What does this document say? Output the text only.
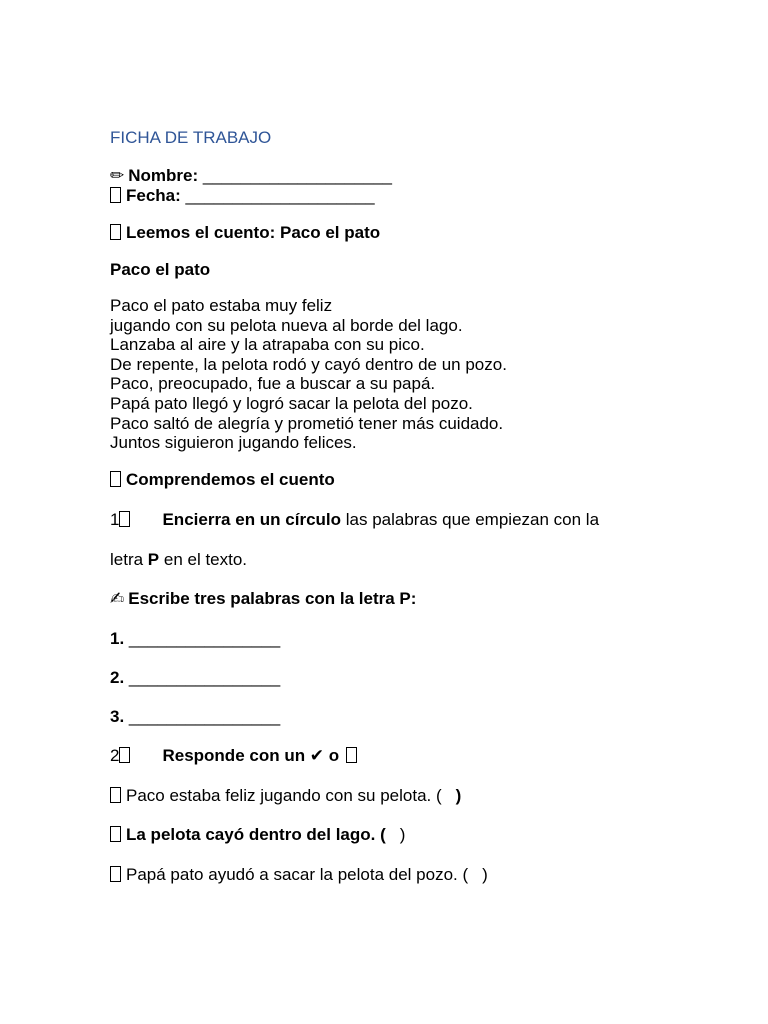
FICHA DE TRABAJO
✏ Nombre: ____________________
Fecha: ____________________
Leemos el cuento: Paco el pato
Paco el pato
Paco el pato estaba muy feliz
jugando con su pelota nueva al borde del lago.
Lanzaba al aire y la atrapaba con su pico.
De repente, la pelota rodó y cayó dentro de un pozo.
Paco, preocupado, fue a buscar a su papá.
Papá pato llegó y logró sacar la pelota del pozo.
Paco saltó de alegría y prometió tener más cuidado.
Juntos siguieron jugando felices.
Comprendemos el cuento
1	Encierra en un círculo las palabras que empiezan con la
letra P en el texto.
✍ Escribe tres palabras con la letra P:
1. ________________
2. ________________
3. ________________
2	Responde con un ✔ o
Paco estaba feliz jugando con su pelota. ( )
La pelota cayó dentro del lago. ( )
Papá pato ayudó a sacar la pelota del pozo. ( )
